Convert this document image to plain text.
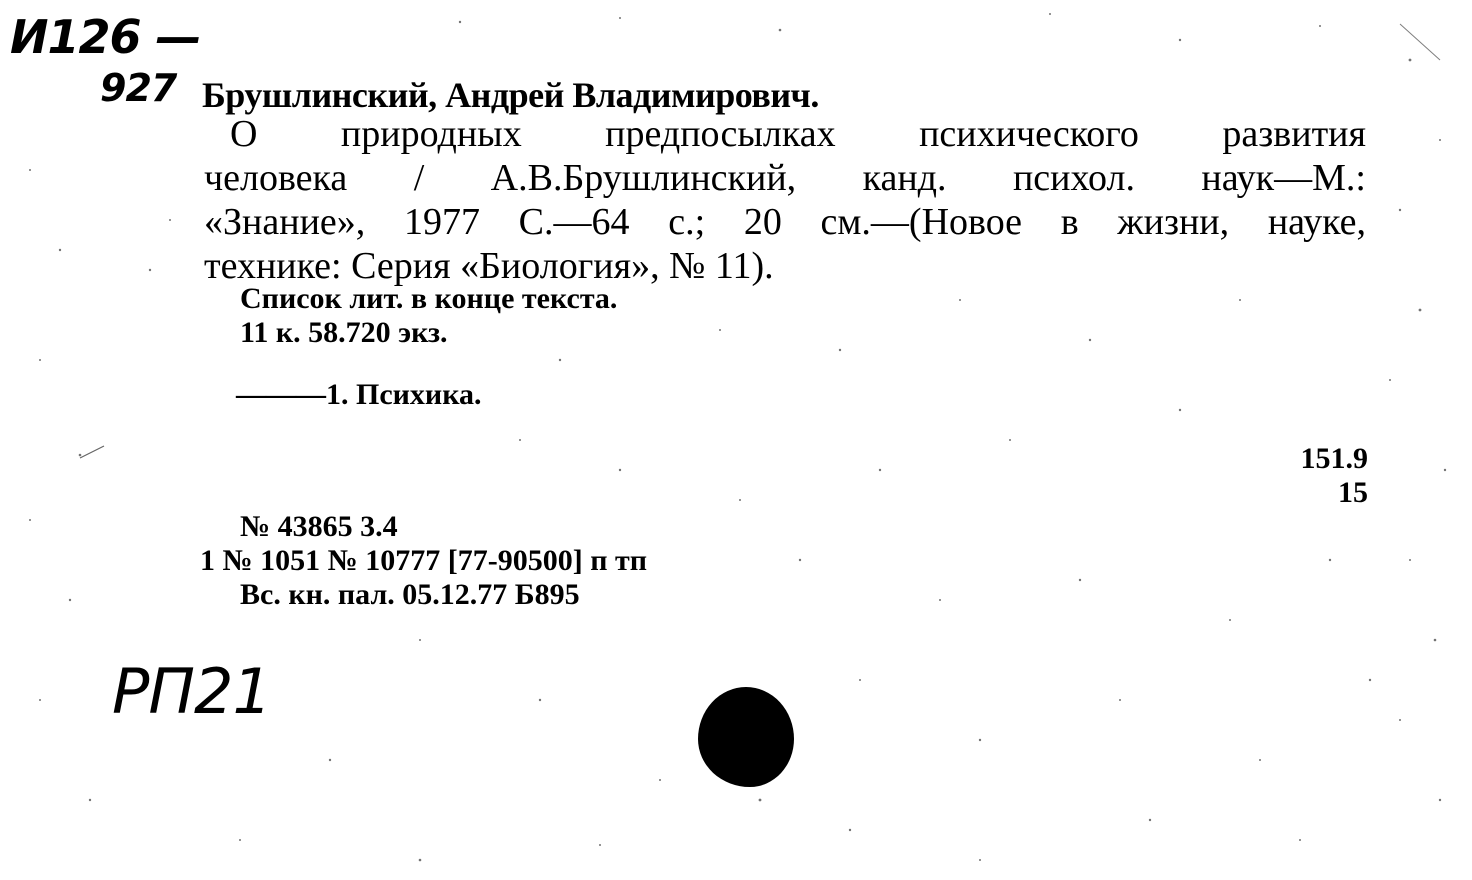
И126 —
927 Брушлинский, Андрей Владимирович.
О природных предпосылках психического развития
человека / А.В.Брушлинский, канд. психол. наук—М.:
«Знание», 1977 С.—64 с.; 20 см.—(Новое в жизни, науке,
технике: Серия «Биология», № 11).
Список лит. в конце текста.
11 к. 58.720 экз.
———1. Психика.
151.9
15
№ 43865 3.4
1 № 1051 № 10777 [77-90500] п тп
Вс. кн. пал. 05.12.77 Б895
РП21
